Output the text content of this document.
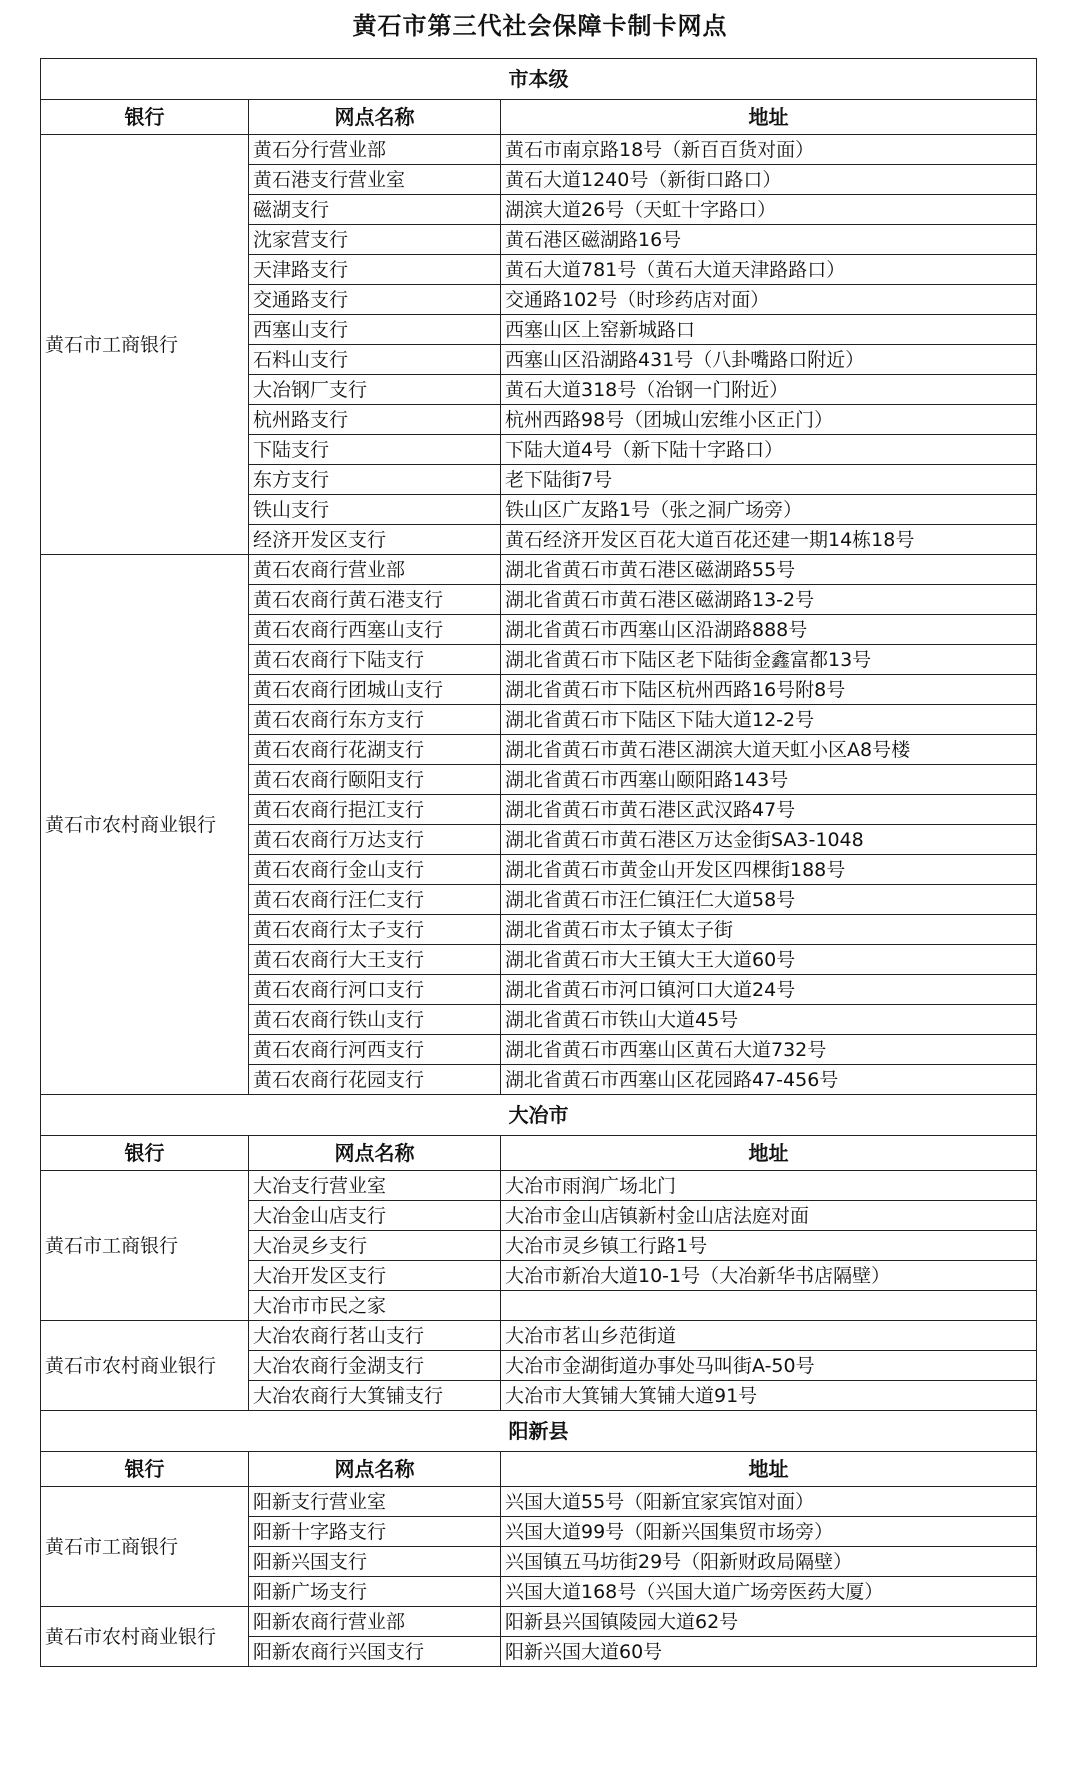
黄石市第三代社会保障卡制卡网点
市本级		
银行	网点名称	地址
黄石市工商银行	黄石分行营业部	黄石市南京路18号（新百百货对面）
	黄石港支行营业室	黄石大道1240号（新街口路口）
	磁湖支行	湖滨大道26号（天虹十字路口）
	沈家营支行	黄石港区磁湖路16号
	天津路支行	黄石大道781号（黄石大道天津路路口）
	交通路支行	交通路102号（时珍药店对面）
	西塞山支行	西塞山区上窑新城路口
	石料山支行	西塞山区沿湖路431号（八卦嘴路口附近）
	大冶钢厂支行	黄石大道318号（冶钢一门附近）
	杭州路支行	杭州西路98号（团城山宏维小区正门）
	下陆支行	下陆大道4号（新下陆十字路口）
	东方支行	老下陆街7号
	铁山支行	铁山区广友路1号（张之洞广场旁）
	经济开发区支行	黄石经济开发区百花大道百花还建一期14栋18号
黄石市农村商业银行	黄石农商行营业部	湖北省黄石市黄石港区磁湖路55号
	黄石农商行黄石港支行	湖北省黄石市黄石港区磁湖路13-2号
	黄石农商行西塞山支行	湖北省黄石市西塞山区沿湖路888号
	黄石农商行下陆支行	湖北省黄石市下陆区老下陆街金鑫富都13号
	黄石农商行团城山支行	湖北省黄石市下陆区杭州西路16号附8号
	黄石农商行东方支行	湖北省黄石市下陆区下陆大道12-2号
	黄石农商行花湖支行	湖北省黄石市黄石港区湖滨大道天虹小区A8号楼
	黄石农商行颐阳支行	湖北省黄石市西塞山颐阳路143号
	黄石农商行挹江支行	湖北省黄石市黄石港区武汉路47号
	黄石农商行万达支行	湖北省黄石市黄石港区万达金街SA3-1048
	黄石农商行金山支行	湖北省黄石市黄金山开发区四棵街188号
	黄石农商行汪仁支行	湖北省黄石市汪仁镇汪仁大道58号
	黄石农商行太子支行	湖北省黄石市太子镇太子街
	黄石农商行大王支行	湖北省黄石市大王镇大王大道60号
	黄石农商行河口支行	湖北省黄石市河口镇河口大道24号
	黄石农商行铁山支行	湖北省黄石市铁山大道45号
	黄石农商行河西支行	湖北省黄石市西塞山区黄石大道732号
	黄石农商行花园支行	湖北省黄石市西塞山区花园路47-456号
大冶市		
银行	网点名称	地址
黄石市工商银行	大冶支行营业室	大冶市雨润广场北门
	大冶金山店支行	大冶市金山店镇新村金山店法庭对面
	大冶灵乡支行	大冶市灵乡镇工行路1号
	大冶开发区支行	大冶市新冶大道10-1号（大冶新华书店隔壁）
	大冶市市民之家	
黄石市农村商业银行	大冶农商行茗山支行	大冶市茗山乡范街道
	大冶农商行金湖支行	大冶市金湖街道办事处马叫街A-50号
	大冶农商行大箕铺支行	大冶市大箕铺大箕铺大道91号
阳新县		
银行	网点名称	地址
黄石市工商银行	阳新支行营业室	兴国大道55号（阳新宜家宾馆对面）
	阳新十字路支行	兴国大道99号（阳新兴国集贸市场旁）
	阳新兴国支行	兴国镇五马坊街29号（阳新财政局隔壁）
	阳新广场支行	兴国大道168号（兴国大道广场旁医药大厦）
黄石市农村商业银行	阳新农商行营业部	阳新县兴国镇陵园大道62号
	阳新农商行兴国支行	阳新兴国大道60号
